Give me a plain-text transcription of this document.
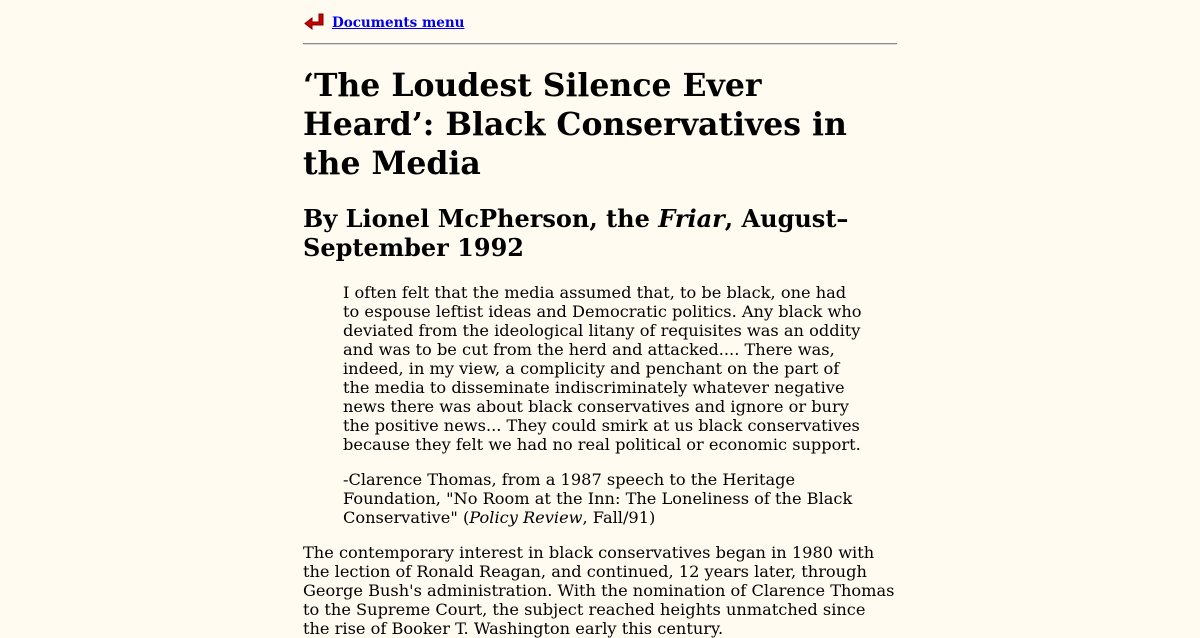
Documents menu
‘The Loudest Silence Ever Heard’: Black Conservatives in the Media
By Lionel McPherson, the Friar, August–September 1992

I often felt that the media assumed that, to be black, one had to espouse leftist ideas and Democratic politics. Any black who deviated from the ideological litany of requisites was an oddity and was to be cut from the herd and attacked.... There was, indeed, in my view, a complicity and penchant on the part of the media to disseminate indiscriminately whatever negative news there was about black conservatives and ignore or bury the positive news... They could smirk at us black conservatives because they felt we had no real political or economic support.

-Clarence Thomas, from a 1987 speech to the Heritage Foundation, "No Room at the Inn: The Loneliness of the Black Conservative" (Policy Review, Fall/91)

The contemporary interest in black conservatives began in 1980 with the lection of Ronald Reagan, and continued, 12 years later, through George Bush's administration. With the nomination of Clarence Thomas to the Supreme Court, the subject reached heights unmatched since the rise of Booker T. Washington early this century.
